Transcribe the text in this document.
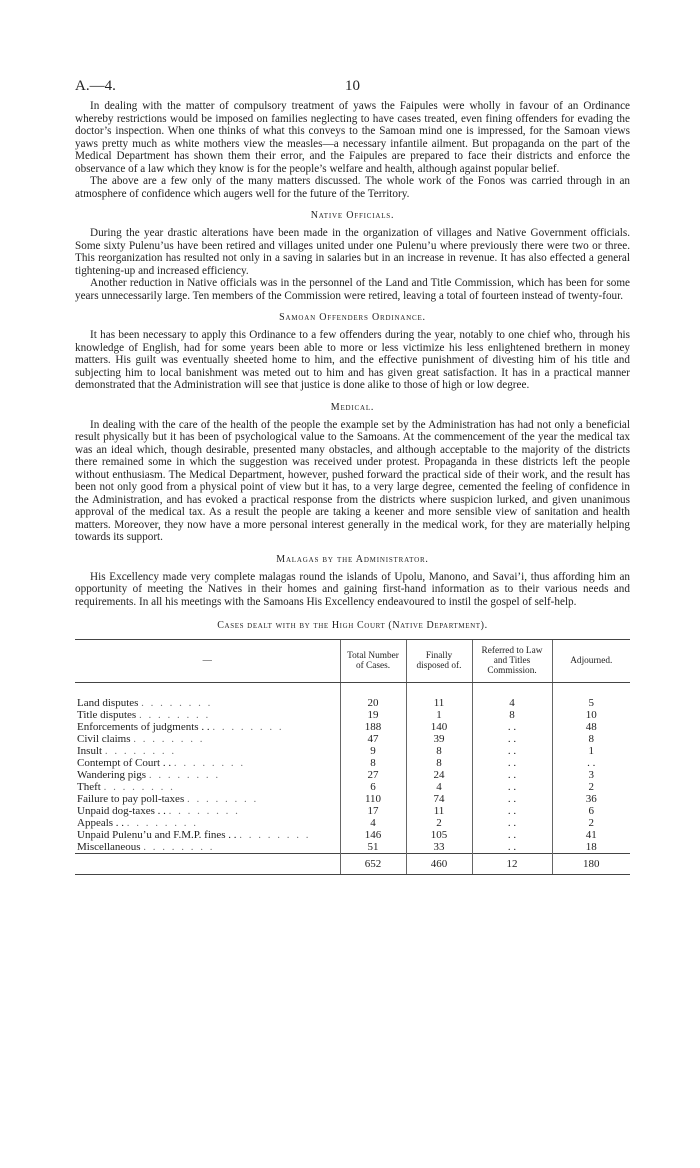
A.—4.	10

In dealing with the matter of compulsory treatment of yaws the Faipules were wholly in favour of an Ordinance whereby restrictions would be imposed on families neglecting to have cases treated, even fining offenders for evading the doctor’s inspection. When one thinks of what this conveys to the Samoan mind one is impressed, for the Samoan views yaws pretty much as white mothers view the measles—a necessary infantile ailment. But propaganda on the part of the Medical Department has shown them their error, and the Faipules are prepared to face their districts and enforce the observance of a law which they know is for the people’s welfare and health, although against popular belief.

The above are a few only of the many matters discussed. The whole work of the Fonos was carried through in an atmosphere of confidence which augers well for the future of the Territory.

Native Officials.

During the year drastic alterations have been made in the organization of villages and Native Government officials. Some sixty Pulenu’us have been retired and villages united under one Pulenu’u where previously there were two or three. This reorganization has resulted not only in a saving in salaries but in an increase in revenue. It has also effected a general tightening-up and increased efficiency.

Another reduction in Native officials was in the personnel of the Land and Title Commission, which has been for some years unnecessarily large. Ten members of the Commission were retired, leaving a total of fourteen instead of twenty-four.

Samoan Offenders Ordinance.

It has been necessary to apply this Ordinance to a few offenders during the year, notably to one chief who, through his knowledge of English, had for some years been able to more or less victimize his less enlightened brethern in money matters. His guilt was eventually sheeted home to him, and the effective punishment of divesting him of his title and subjecting him to local banishment was meted out to him and has given great satisfaction. It has in a practical manner demonstrated that the Administration will see that justice is done alike to those of high or low degree.

Medical.

In dealing with the care of the health of the people the example set by the Administration has had not only a beneficial result physically but it has been of psychological value to the Samoans. At the commencement of the year the medical tax was an ideal which, though desirable, presented many obstacles, and although acceptable to the majority of the districts there remained some in which the suggestion was received under protest. Propaganda in these districts left the people without enthusiasm. The Medical Department, however, pushed forward the practical side of their work, and the result has been not only good from a physical point of view but it has, to a very large degree, cemented the feeling of confidence in the Administration, and has evoked a practical response from the districts where suspicion lurked, and given unanimous approval of the medical tax. As a result the people are taking a keener and more sensible view of sanitation and health matters. Moreover, they now have a more personal interest generally in the medical work, for they are materially helping towards its support.

Malagas by the Administrator.

His Excellency made very complete malagas round the islands of Upolu, Manono, and Savai’i, thus affording him an opportunity of meeting the Natives in their homes and gaining first-hand information as to their various needs and requirements. In all his meetings with the Samoans His Excellency endeavoured to instil the gospel of self-help.

Cases dealt with by the High Court (Native Department).
—	Total Number of Cases.	Finally disposed of.	Referred to Law and Titles Commission.	Adjourned.

Land disputes . . . . . . . .	20	11	4	5
Title disputes . . . . . . . .	19	1	8	10
Enforcements of judgments . . . . . . . . . .	188	140	. .	48
Civil claims . . . . . . . .	47	39	. .	8
Insult . . . . . . . .	9	8	. .	1
Contempt of Court . . . . . . . . . .	8	8	. .	. .
Wandering pigs . . . . . . . .	27	24	. .	3
Theft . . . . . . . .	6	4	. .	2
Failure to pay poll-taxes . . . . . . . .	110	74	. .	36
Unpaid dog-taxes . . . . . . . . . .	17	11	. .	6
Appeals . . . . . . . . . .	4	2	. .	2
Unpaid Pulenu’u and F.M.P. fines . . . . . . . . . .	146	105	. .	41
Miscellaneous . . . . . . . .	51	33	. .	18
	652	460	12	180
